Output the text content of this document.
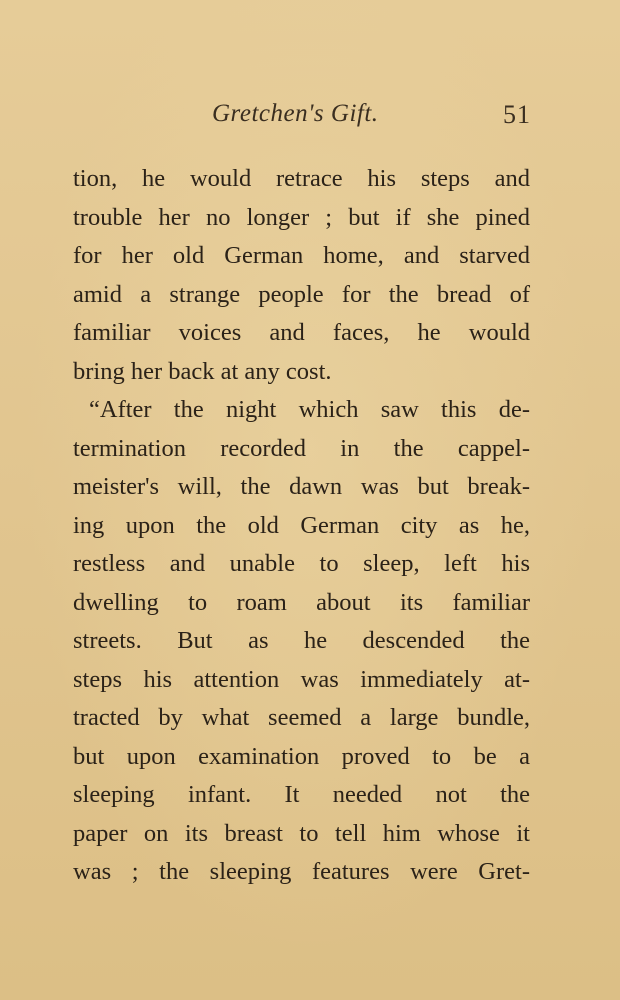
Gretchen's Gift.	51
tion, he would retrace his steps and
trouble her no longer ; but if she pined
for her old German home, and starved
amid a strange people for the bread of
familiar voices and faces, he would
bring her back at any cost.
“After the night which saw this de-
termination recorded in the cappel-
meister's will, the dawn was but break-
ing upon the old German city as he,
restless and unable to sleep, left his
dwelling to roam about its familiar
streets. But as he descended the
steps his attention was immediately at-
tracted by what seemed a large bundle,
but upon examination proved to be a
sleeping infant. It needed not the
paper on its breast to tell him whose it
was ; the sleeping features were Gret-
